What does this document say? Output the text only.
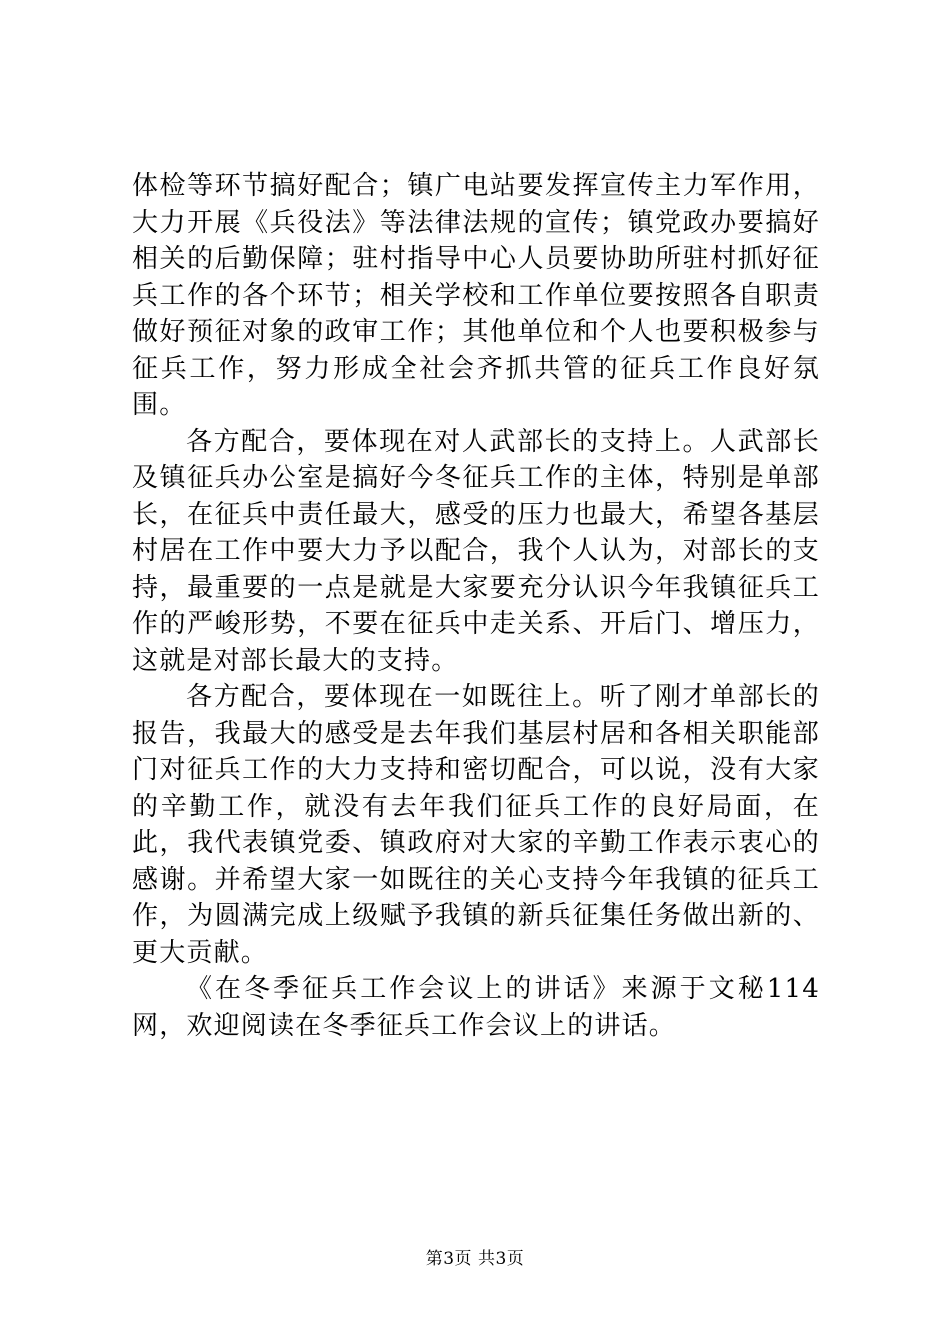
体检等环节搞好配合；镇广电站要发挥宣传主力军作用，大力开展《兵役法》等法律法规的宣传；镇党政办要搞好相关的后勤保障；驻村指导中心人员要协助所驻村抓好征兵工作的各个环节；相关学校和工作单位要按照各自职责做好预征对象的政审工作；其他单位和个人也要积极参与征兵工作，努力形成全社会齐抓共管的征兵工作良好氛围。

各方配合，要体现在对人武部长的支持上。人武部长及镇征兵办公室是搞好今冬征兵工作的主体，特别是单部长，在征兵中责任最大，感受的压力也最大，希望各基层村居在工作中要大力予以配合，我个人认为，对部长的支持，最重要的一点是就是大家要充分认识今年我镇征兵工作的严峻形势，不要在征兵中走关系、开后门、增压力，这就是对部长最大的支持。

各方配合，要体现在一如既往上。听了刚才单部长的报告，我最大的感受是去年我们基层村居和各相关职能部门对征兵工作的大力支持和密切配合，可以说，没有大家的辛勤工作，就没有去年我们征兵工作的良好局面，在此，我代表镇党委、镇政府对大家的辛勤工作表示衷心的感谢。并希望大家一如既往的关心支持今年我镇的征兵工作，为圆满完成上级赋予我镇的新兵征集任务做出新的、更大贡献。

《在冬季征兵工作会议上的讲话》来源于文秘114网，欢迎阅读在冬季征兵工作会议上的讲话。

第3页 共3页
